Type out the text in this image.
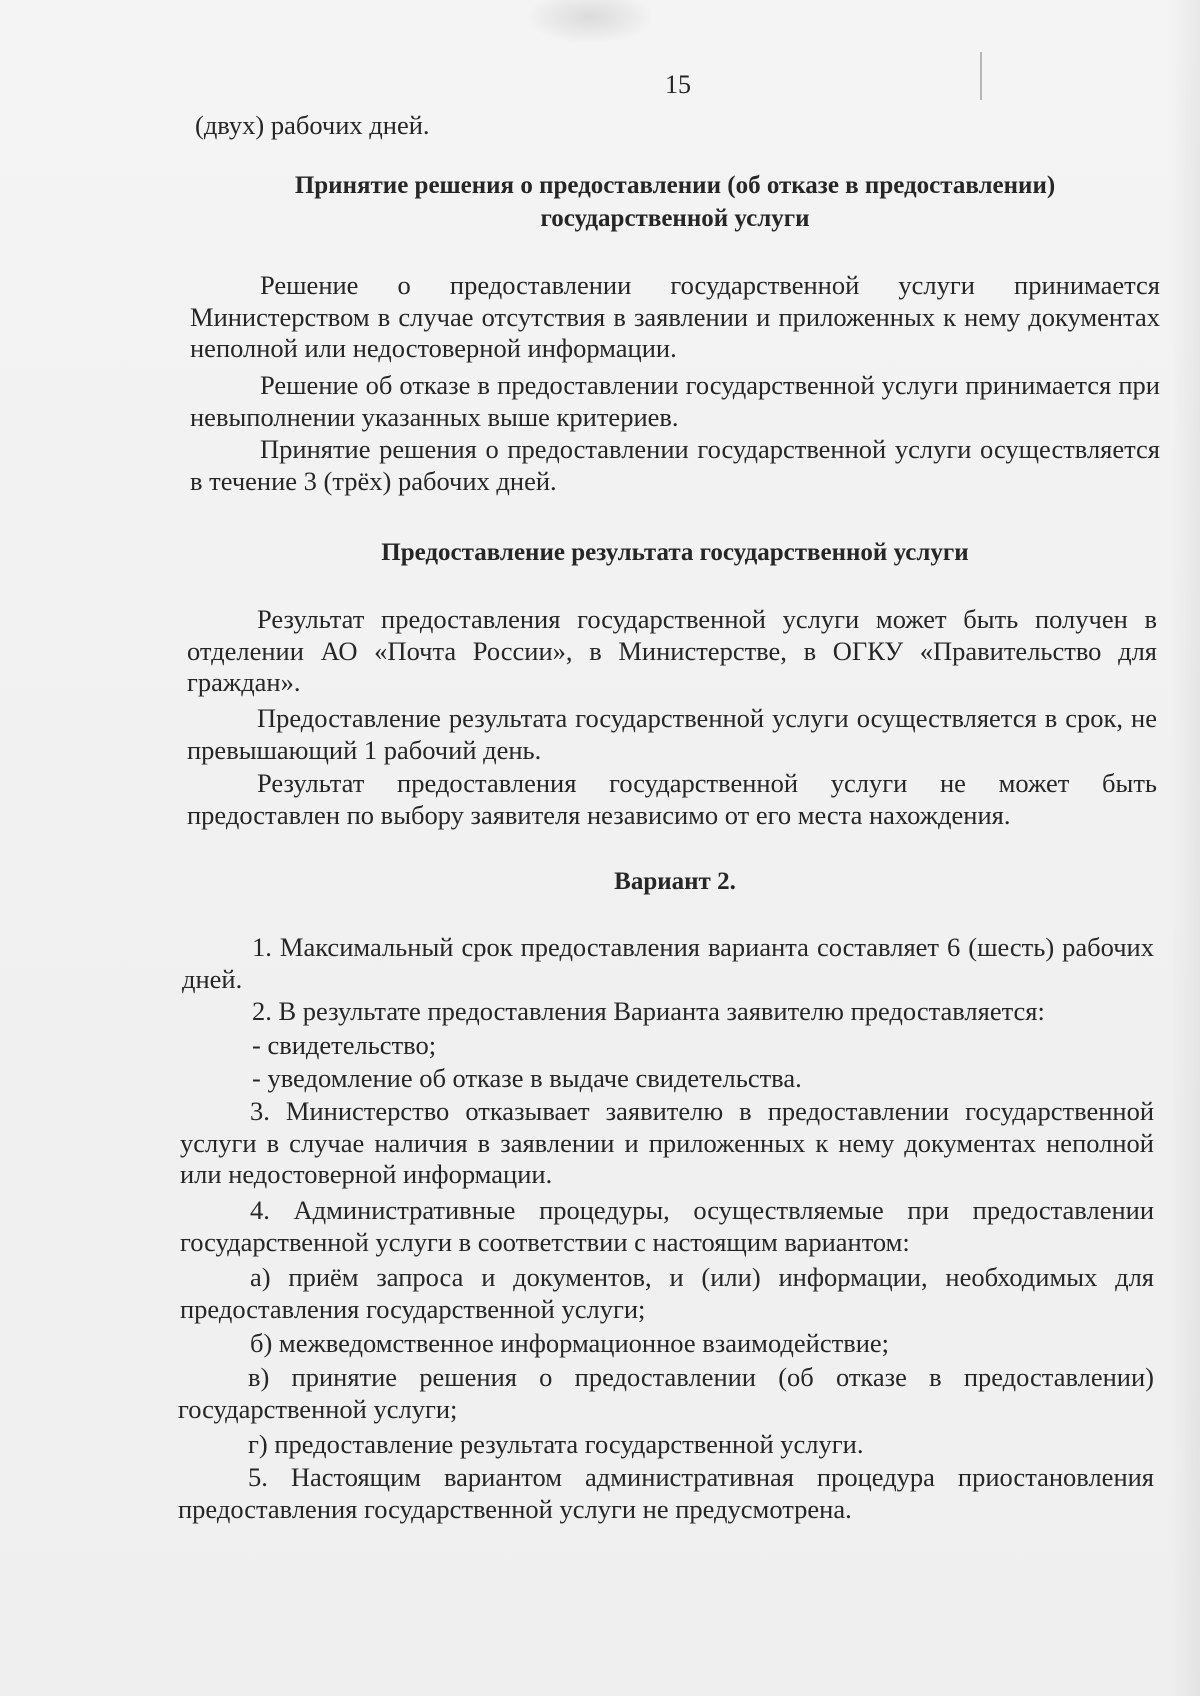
15

(двух) рабочих дней.

Принятие решения о предоставлении (об отказе в предоставлении)

государственной услуги

Решение о предоставлении государственной услуги принимается Министерством в случае отсутствия в заявлении и приложенных к нему документах неполной или недостоверной информации.

Решение об отказе в предоставлении государственной услуги принимается при невыполнении указанных выше критериев.

Принятие решения о предоставлении государственной услуги осуществляется в течение 3 (трёх) рабочих дней.

Предоставление результата государственной услуги

Результат предоставления государственной услуги может быть получен в отделении АО «Почта России», в Министерстве, в ОГКУ «Правительство для граждан».

Предоставление результата государственной услуги осуществляется в срок, не превышающий 1 рабочий день.

Результат предоставления государственной услуги не может быть предоставлен по выбору заявителя независимо от его места нахождения.

Вариант 2.

1. Максимальный срок предоставления варианта составляет 6 (шесть) рабочих дней.

2. В результате предоставления Варианта заявителю предоставляется:

- свидетельство;

- уведомление об отказе в выдаче свидетельства.

3. Министерство отказывает заявителю в предоставлении государственной услуги в случае наличия в заявлении и приложенных к нему документах неполной или недостоверной информации.

4. Административные процедуры, осуществляемые при предоставлении государственной услуги в соответствии с настоящим вариантом:

а) приём запроса и документов, и (или) информации, необходимых для предоставления государственной услуги;

б) межведомственное информационное взаимодействие;

в) принятие решения о предоставлении (об отказе в предоставлении) государственной услуги;

г) предоставление результата государственной услуги.

5. Настоящим вариантом административная процедура приостановления предоставления государственной услуги не предусмотрена.
